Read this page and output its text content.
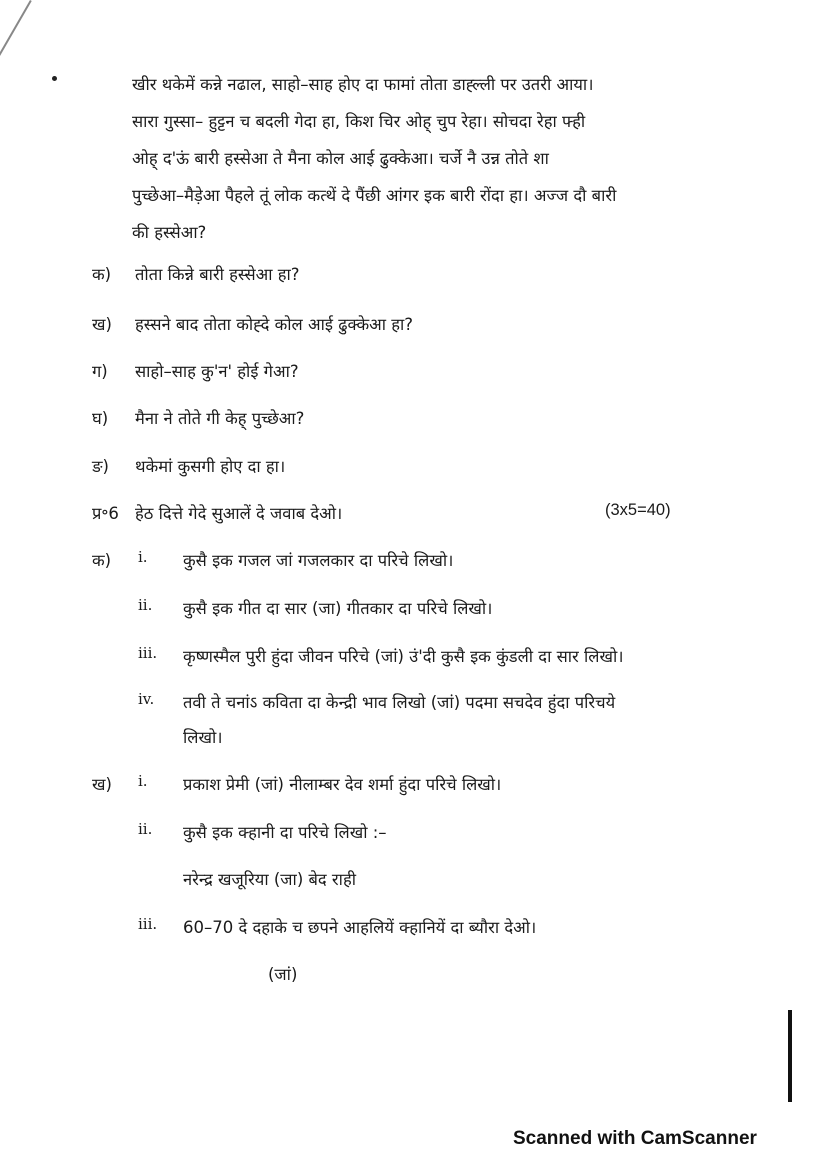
खीर थकेमें कन्ने नढाल, साहो–साह होए दा फामां तोता डाह्ल्ली पर उतरी आया।
सारा गुस्सा– हुट्टन च बदली गेदा हा, किश चिर ओह् चुप रेहा। सोचदा रेहा फ्ही
ओह् द'ऊं बारी हस्सेआ ते मैना कोल आई ढुक्केआ। चर्जे नै उन्न तोते शा
पुच्छेआ–मैड़ेआ पैहले तूं लोक कत्थें दे पैंछी आंगर इक बारी रोंदा हा। अज्ज दौ बारी
की हस्सेआ?
क) तोता किन्ने बारी हस्सेआ हा?
ख) हस्सने बाद तोता कोह्दे कोल आई ढुक्केआ हा?
ग) साहो–साह कु'न' होई गेआ?
घ) मैना ने तोते गी केह् पुच्छेआ?
ङ) थकेमां कुसगी होए दा हा।
प्र॰6 हेठ दित्ते गेदे सुआलें दे जवाब देओ।	(3x5=40)
क) i. कुसै इक गजल जां गजलकार दा परिचे लिखो।
ii. कुसै इक गीत दा सार (जा) गीतकार दा परिचे लिखो।
iii. कृष्णस्मैल पुरी हुंदा जीवन परिचे (जां) उं'दी कुसै इक कुंडली दा सार लिखो।
iv. तवी ते चनांऽ कविता दा केन्द्री भाव लिखो (जां) पदमा सचदेव हुंदा परिचये
लिखो।
ख) i. प्रकाश प्रेमी (जां) नीलाम्बर देव शर्मा हुंदा परिचे लिखो।
ii. कुसै इक क्हानी दा परिचे लिखो :–
नरेन्द्र खजूरिया (जा) बेद राही
iii. 60–70 दे दहाके च छपने आहलियें क्हानियें दा ब्यौरा देओ।
(जां)
Scanned with CamScanner
